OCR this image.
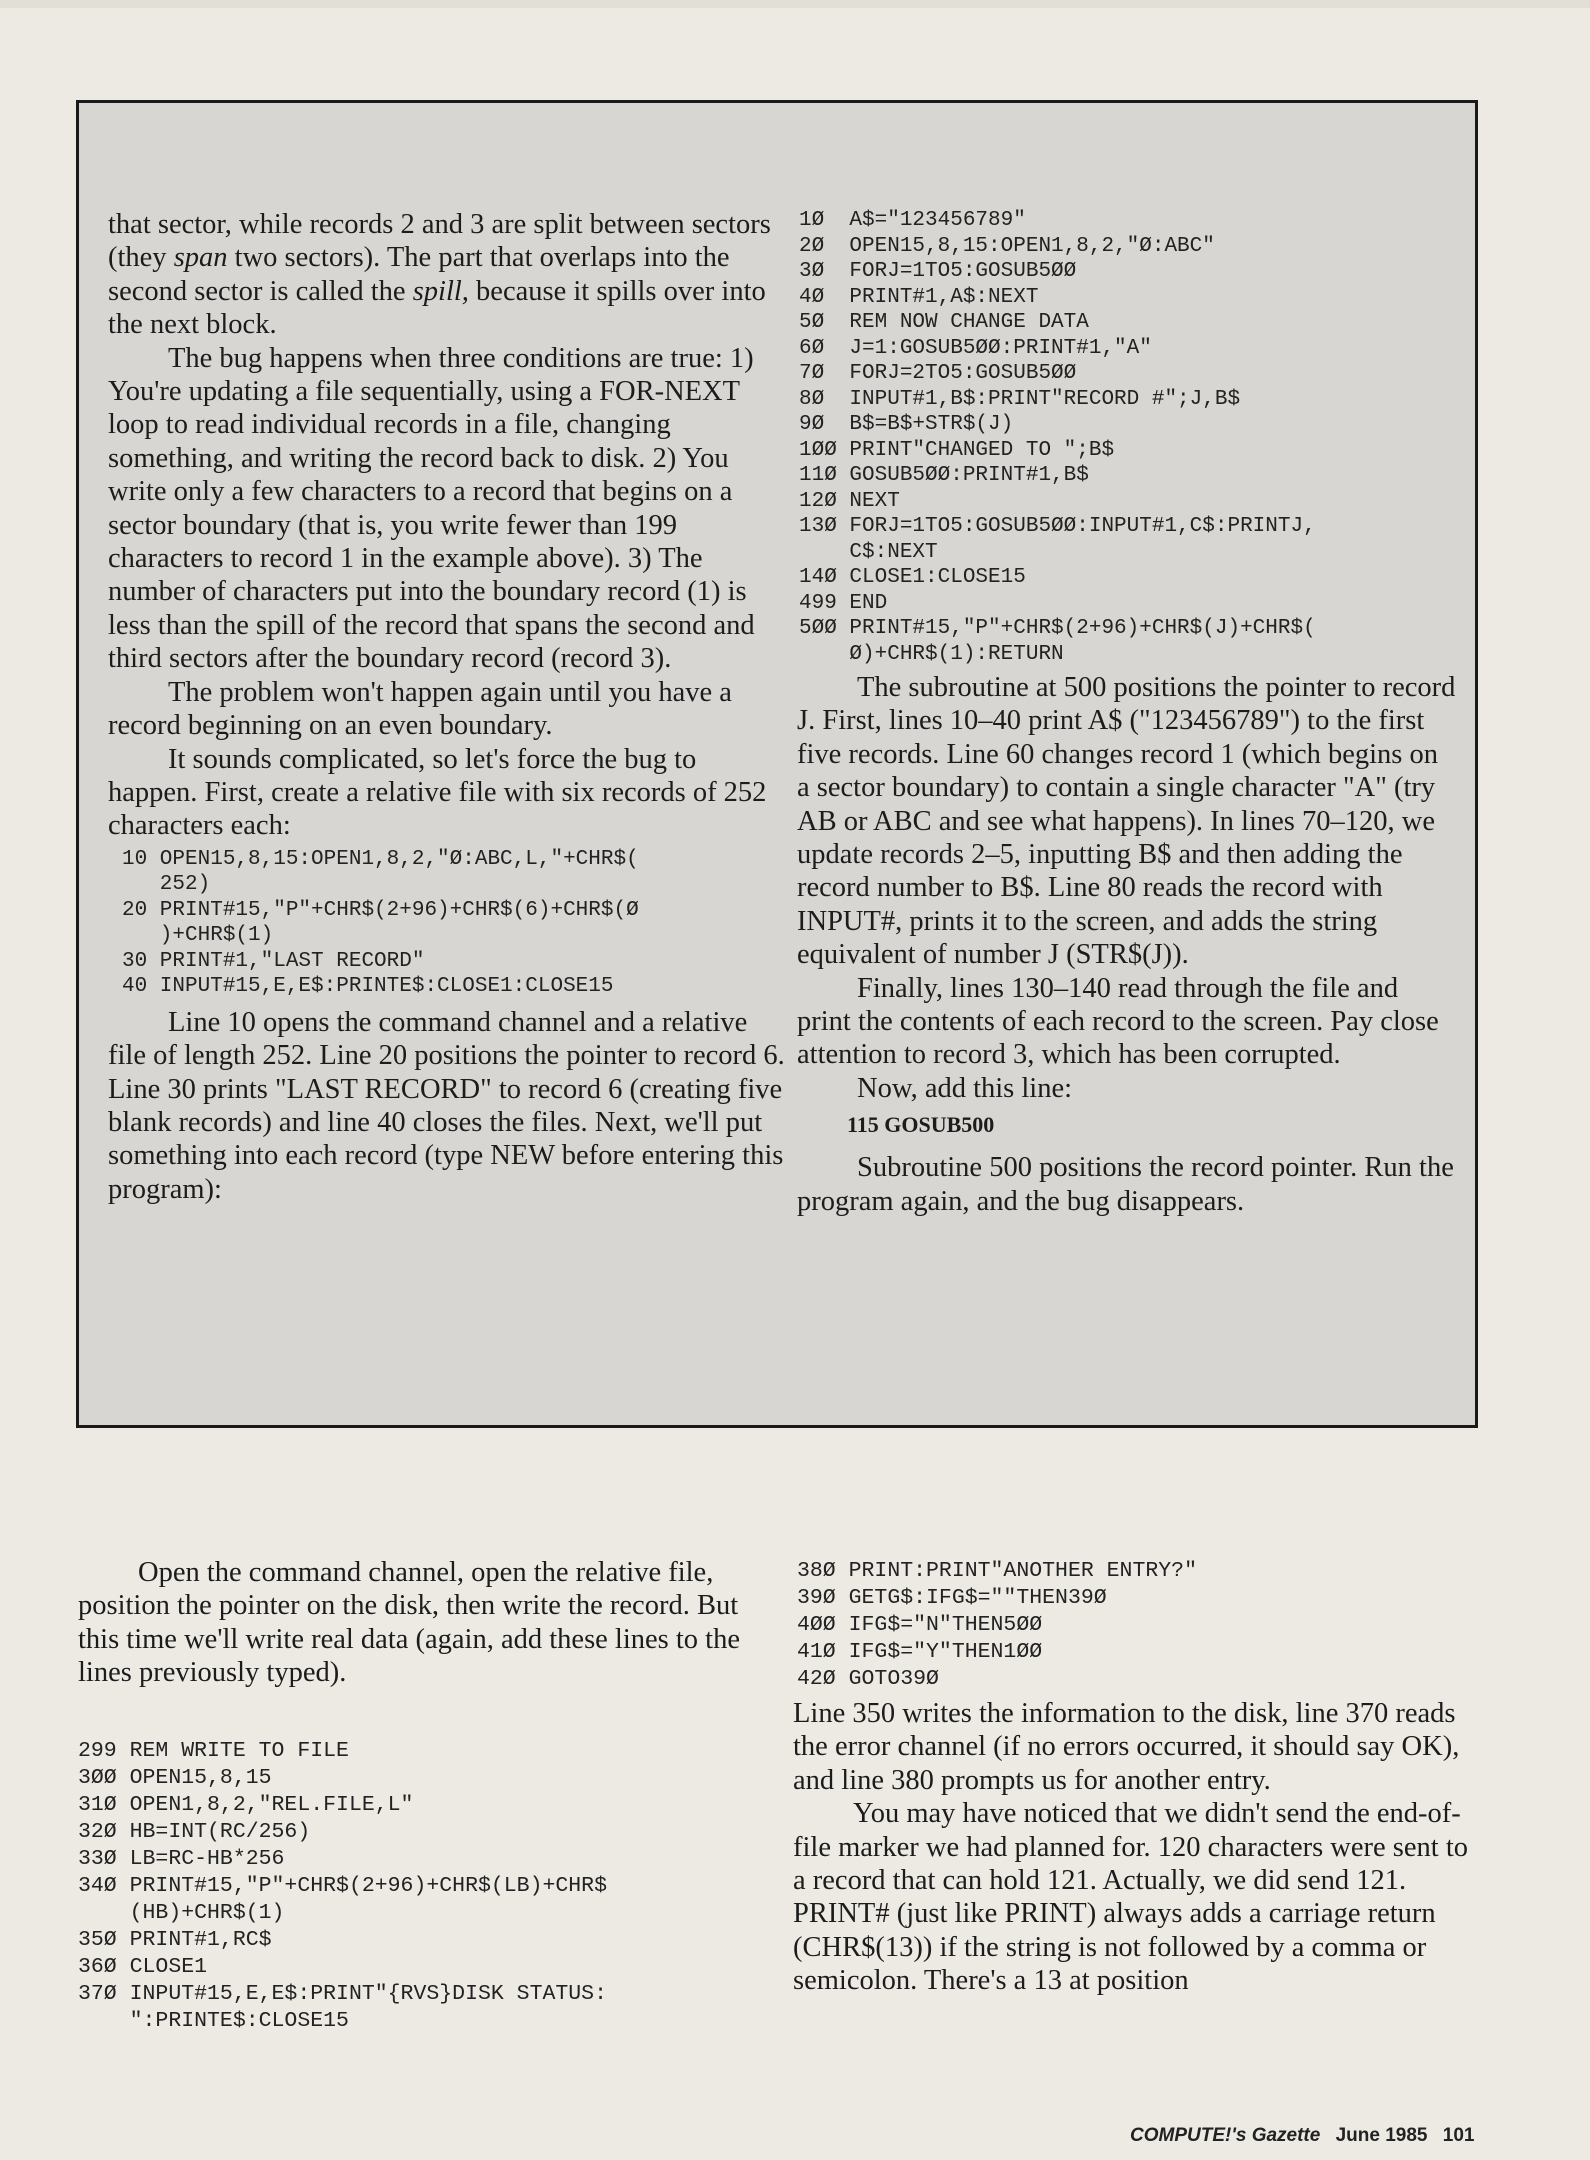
that sector, while records 2 and 3 are split between sectors (they span two sectors). The part that overlaps into the second sector is called the spill, because it spills over into the next block.

The bug happens when three conditions are true: 1) You're updating a file sequentially, using a FOR-NEXT loop to read individual records in a file, changing something, and writing the record back to disk. 2) You write only a few characters to a record that begins on a sector boundary (that is, you write fewer than 199 characters to record 1 in the example above). 3) The number of characters put into the boundary record (1) is less than the spill of the record that spans the second and third sectors after the boundary record (record 3).

The problem won't happen again until you have a record beginning on an even boundary.

It sounds complicated, so let's force the bug to happen. First, create a relative file with six records of 252 characters each:

10 OPEN15,8,15:OPEN1,8,2,"Ø:ABC,L,"+CHR$(
252)
20 PRINT#15,"P"+CHR$(2+96)+CHR$(6)+CHR$(Ø
)+CHR$(1)
30 PRINT#1,"LAST RECORD"
40 INPUT#15,E,E$:PRINTE$:CLOSE1:CLOSE15

Line 10 opens the command channel and a relative file of length 252. Line 20 positions the pointer to record 6. Line 30 prints "LAST RECORD" to record 6 (creating five blank records) and line 40 closes the files. Next, we'll put something into each record (type NEW before entering this program):

1Ø  A$="123456789"
2Ø  OPEN15,8,15:OPEN1,8,2,"Ø:ABC"
3Ø  FORJ=1TO5:GOSUB5ØØ
4Ø  PRINT#1,A$:NEXT
5Ø  REM NOW CHANGE DATA
6Ø  J=1:GOSUB5ØØ:PRINT#1,"A"
7Ø  FORJ=2TO5:GOSUB5ØØ
8Ø  INPUT#1,B$:PRINT"RECORD #";J,B$
9Ø  B$=B$+STR$(J)
1ØØ PRINT"CHANGED TO ";B$
11Ø GOSUB5ØØ:PRINT#1,B$
12Ø NEXT
13Ø FORJ=1TO5:GOSUB5ØØ:INPUT#1,C$:PRINTJ,
C$:NEXT
14Ø CLOSE1:CLOSE15
499 END
5ØØ PRINT#15,"P"+CHR$(2+96)+CHR$(J)+CHR$(
Ø)+CHR$(1):RETURN

The subroutine at 500 positions the pointer to record J. First, lines 10–40 print A$ ("123456789") to the first five records. Line 60 changes record 1 (which begins on a sector boundary) to contain a single character "A" (try AB or ABC and see what happens). In lines 70–120, we update records 2–5, inputting B$ and then adding the record number to B$. Line 80 reads the record with INPUT#, prints it to the screen, and adds the string equivalent of number J (STR$(J)).

Finally, lines 130–140 read through the file and print the contents of each record to the screen. Pay close attention to record 3, which has been corrupted.

Now, add this line:

115 GOSUB500

Subroutine 500 positions the record pointer. Run the program again, and the bug disappears.

Open the command channel, open the relative file, position the pointer on the disk, then write the record. But this time we'll write real data (again, add these lines to the lines previously typed).

299 REM WRITE TO FILE
3ØØ OPEN15,8,15
31Ø OPEN1,8,2,"REL.FILE,L"
32Ø HB=INT(RC/256)
33Ø LB=RC-HB*256
34Ø PRINT#15,"P"+CHR$(2+96)+CHR$(LB)+CHR$
(HB)+CHR$(1)
35Ø PRINT#1,RC$
36Ø CLOSE1
37Ø INPUT#15,E,E$:PRINT"{RVS}DISK STATUS:
":PRINTE$:CLOSE15
38Ø PRINT:PRINT"ANOTHER ENTRY?"
39Ø GETG$:IFG$=""THEN39Ø
4ØØ IFG$="N"THEN5ØØ
41Ø IFG$="Y"THEN1ØØ
42Ø GOTO39Ø

Line 350 writes the information to the disk, line 370 reads the error channel (if no errors occurred, it should say OK), and line 380 prompts us for another entry.

You may have noticed that we didn't send the end-of-file marker we had planned for. 120 characters were sent to a record that can hold 121. Actually, we did send 121. PRINT# (just like PRINT) always adds a carriage return (CHR$(13)) if the string is not followed by a comma or semicolon. There's a 13 at position

COMPUTE!'s Gazette June 1985 101
